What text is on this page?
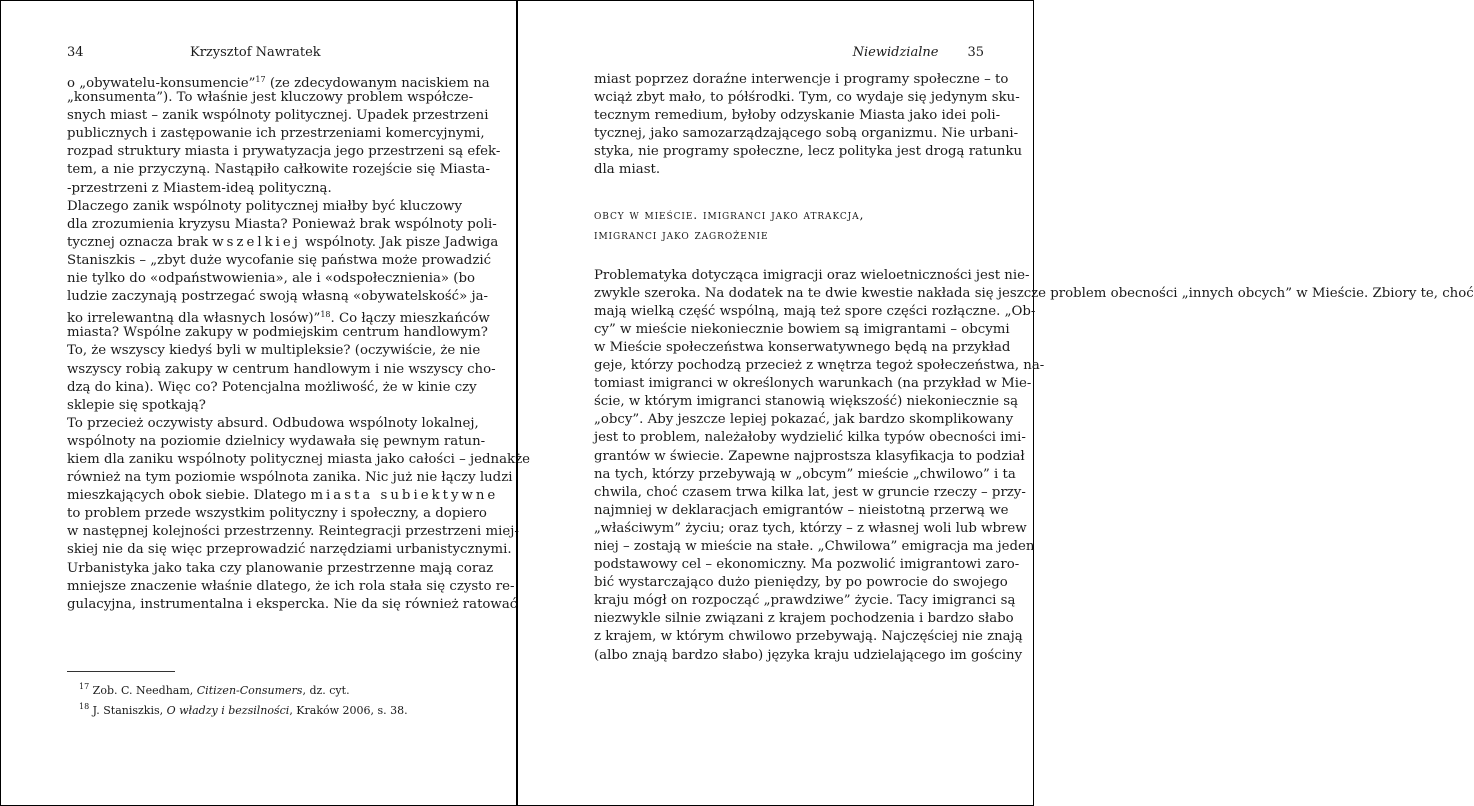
34	Krzysztof Nawratek
o „obywatelu-konsumencie”$^{17}$ (ze zdecydowanym naciskiem na
„konsumenta”). To właśnie jest kluczowy problem współcze-
snych miast – zanik wspólnoty politycznej. Upadek przestrzeni
publicznych i zastępowanie ich przestrzeniami komercyjnymi,
rozpad struktury miasta i prywatyzacja jego przestrzeni są efek-
tem, a nie przyczyną. Nastąpiło całkowite rozejście się Miasta-
-przestrzeni z Miastem-ideą polityczną.
Dlaczego zanik wspólnoty politycznej miałby być kluczowy
dla zrozumienia kryzysu Miasta? Ponieważ brak wspólnoty poli-
tycznej oznacza brak wszelkiej wspólnoty. Jak pisze Jadwiga
Staniszkis – „zbyt duże wycofanie się państwa może prowadzić
nie tylko do «odpaństwowienia», ale i «odspołecznienia» (bo
ludzie zaczynają postrzegać swoją własną «obywatelskość» ja-
ko irrelewantną dla własnych losów)”$^{18}$. Co łączy mieszkańców
miasta? Wspólne zakupy w podmiejskim centrum handlowym?
To, że wszyscy kiedyś byli w multipleksie? (oczywiście, że nie
wszyscy robią zakupy w centrum handlowym i nie wszyscy cho-
dzą do kina). Więc co? Potencjalna możliwość, że w kinie czy
sklepie się spotkają?
To przecież oczywisty absurd. Odbudowa wspólnoty lokalnej,
wspólnoty na poziomie dzielnicy wydawała się pewnym ratun-
kiem dla zaniku wspólnoty politycznej miasta jako całości – jednakże
również na tym poziomie wspólnota zanika. Nic już nie łączy ludzi
mieszkających obok siebie. Dlatego miasta subiektywne
to problem przede wszystkim polityczny i społeczny, a dopiero
w następnej kolejności przestrzenny. Reintegracji przestrzeni miej-
skiej nie da się więc przeprowadzić narzędziami urbanistycznymi.
Urbanistyka jako taka czy planowanie przestrzenne mają coraz
mniejsze znaczenie właśnie dlatego, że ich rola stała się czysto re-
gulacyjna, instrumentalna i ekspercka. Nie da się również ratować
$^{17}$ Zob. C. Needham, Citizen-Consumers, dz. cyt.
$^{18}$ J. Staniszkis, O władzy i bezsilności, Kraków 2006, s. 38.
Niewidzialne 35
miast poprzez doraźne interwencje i programy społeczne – to
wciąż zbyt mało, to półśrodki. Tym, co wydaje się jedynym sku-
tecznym remedium, byłoby odzyskanie Miasta jako idei poli-
tycznej, jako samozarządzającego sobą organizmu. Nie urbani-
styka, nie programy społeczne, lecz polityka jest drogą ratunku
dla miast.
obcy w mieście. imigranci jako atrakcja,
imigranci jako zagrożenie
Problematyka dotycząca imigracji oraz wieloetniczności jest nie-
zwykle szeroka. Na dodatek na te dwie kwestie nakłada się jeszcze problem obecności „innych obcych” w Mieście. Zbiory te, choć
mają wielką część wspólną, mają też spore części rozłączne. „Ob-
cy” w mieście niekoniecznie bowiem są imigrantami – obcymi
w Mieście społeczeństwa konserwatywnego będą na przykład
geje, którzy pochodzą przecież z wnętrza tegoż społeczeństwa, na-
tomiast imigranci w określonych warunkach (na przykład w Mie-
ście, w którym imigranci stanowią większość) niekoniecznie są
„obcy”. Aby jeszcze lepiej pokazać, jak bardzo skomplikowany
jest to problem, należałoby wydzielić kilka typów obecności imi-
grantów w świecie. Zapewne najprostsza klasyfikacja to podział
na tych, którzy przebywają w „obcym” mieście „chwilowo” i ta
chwila, choć czasem trwa kilka lat, jest w gruncie rzeczy – przy-
najmniej w deklaracjach emigrantów – nieistotną przerwą we
„właściwym” życiu; oraz tych, którzy – z własnej woli lub wbrew
niej – zostają w mieście na stałe. „Chwilowa” emigracja ma jeden
podstawowy cel – ekonomiczny. Ma pozwolić imigrantowi zaro-
bić wystarczająco dużo pieniędzy, by po powrocie do swojego
kraju mógł on rozpocząć „prawdziwe” życie. Tacy imigranci są
niezwykle silnie związani z krajem pochodzenia i bardzo słabo
z krajem, w którym chwilowo przebywają. Najczęściej nie znają
(albo znają bardzo słabo) języka kraju udzielającego im gościny
